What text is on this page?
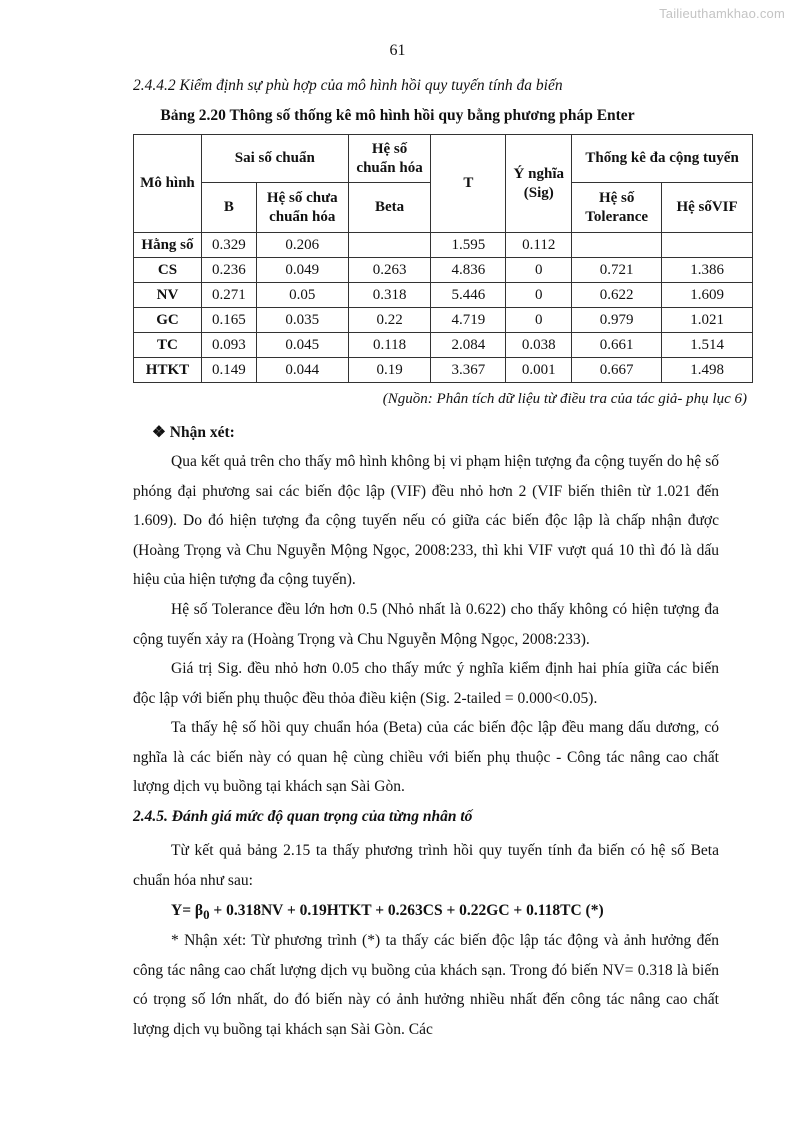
Tailieuthamkhao.com
61
2.4.4.2 Kiểm định sự phù hợp của mô hình hồi quy tuyến tính đa biến
Bảng 2.20 Thông số thống kê mô hình hồi quy bằng phương pháp Enter
Mô hình	Sai số chuẩn		Hệ số chuẩn hóa	T	Ý nghĩa (Sig)	Thống kê đa cộng tuyến	
	B	Hệ số chưa chuẩn hóa	Beta			Hệ số Tolerance	Hệ sốVIF
Hằng số	0.329	0.206		1.595	0.112		
CS	0.236	0.049	0.263	4.836	0	0.721	1.386
NV	0.271	0.05	0.318	5.446	0	0.622	1.609
GC	0.165	0.035	0.22	4.719	0	0.979	1.021
TC	0.093	0.045	0.118	2.084	0.038	0.661	1.514
HTKT	0.149	0.044	0.19	3.367	0.001	0.667	1.498
(Nguồn: Phân tích dữ liệu từ điều tra của tác giả- phụ lục 6)
❖ Nhận xét:

Qua kết quả trên cho thấy mô hình không bị vi phạm hiện tượng đa cộng tuyến do hệ số phóng đại phương sai các biến độc lập (VIF) đều nhỏ hơn 2 (VIF biến thiên từ 1.021 đến 1.609). Do đó hiện tượng đa cộng tuyến nếu có giữa các biến độc lập là chấp nhận được (Hoàng Trọng và Chu Nguyễn Mộng Ngọc, 2008:233, thì khi VIF vượt quá 10 thì đó là dấu hiệu của hiện tượng đa cộng tuyến).

Hệ số Tolerance đều lớn hơn 0.5 (Nhỏ nhất là 0.622) cho thấy không có hiện tượng đa cộng tuyến xảy ra (Hoàng Trọng và Chu Nguyễn Mộng Ngọc, 2008:233).

Giá trị Sig. đều nhỏ hơn 0.05 cho thấy mức ý nghĩa kiểm định hai phía giữa các biến độc lập với biến phụ thuộc đều thỏa điều kiện (Sig. 2-tailed = 0.000<0.05).

Ta thấy hệ số hồi quy chuẩn hóa (Beta) của các biến độc lập đều mang dấu dương, có nghĩa là các biến này có quan hệ cùng chiều với biến phụ thuộc - Công tác nâng cao chất lượng dịch vụ buồng tại khách sạn Sài Gòn.

2.4.5. Đánh giá mức độ quan trọng của từng nhân tố

Từ kết quả bảng 2.15 ta thấy phương trình hồi quy tuyến tính đa biến có hệ số Beta chuẩn hóa như sau:

$Y= \beta_0 + 0.318NV$ + 0.19HTKT + 0.263CS + 0.22GC + 0.118TC (*)

* Nhận xét: Từ phương trình (*) ta thấy các biến độc lập tác động và ảnh hưởng đến công tác nâng cao chất lượng dịch vụ buồng của khách sạn. Trong đó biến NV= 0.318 là biến có trọng số lớn nhất, do đó biến này có ảnh hưởng nhiều nhất đến công tác nâng cao chất lượng dịch vụ buồng tại khách sạn Sài Gòn. Các
